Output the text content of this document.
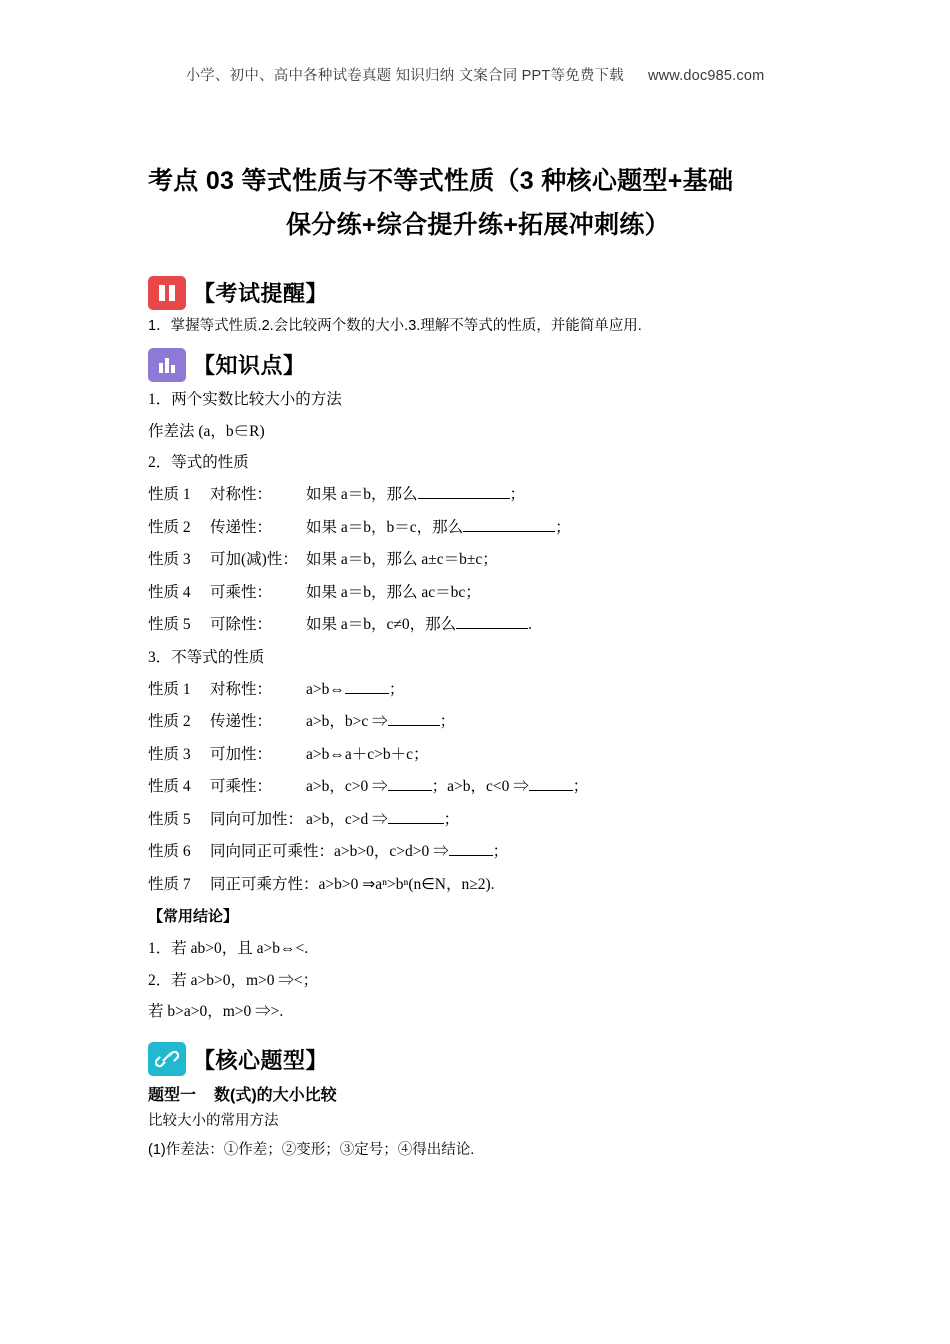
小学、初中、高中各种试卷真题 知识归纳 文案合同 PPT等免费下载 www.doc985.com
考点 03 等式性质与不等式性质（3 种核心题型+基础
保分练+综合提升练+拓展冲刺练）
【考试提醒】

1．掌握等式性质.2.会比较两个数的大小.3.理解不等式的性质，并能简单应用.

【知识点】

1．两个实数比较大小的方法

作差法 (a，b∈R)

2．等式的性质

性质 1 对称性： 如果 a＝b，那么	；

性质 2 传递性： 如果 a＝b，b＝c，那么	；

性质 3 可加(减)性： 如果 a＝b，那么 a±c＝b±c；

性质 4 可乘性： 如果 a＝b，那么 ac＝bc；

性质 5 可除性： 如果 a＝b，c≠0，那么	.

3．不等式的性质

性质 1 对称性： a>b⇔	；

性质 2 传递性： a>b，b>c ⇒	；

性质 3 可加性： a>b⇔a＋c>b＋c；

性质 4 可乘性： a>b，c>0 ⇒	；a>b，c<0 ⇒	；

性质 5 同向可加性： a>b，c>d ⇒	；

性质 6 同向同正可乘性：a>b>0，c>d>0 ⇒	；

性质 7 同正可乘方性：a>b>0 ⇒aⁿ>bⁿ(n∈N，n≥2).

【常用结论】

1．若 ab>0，且 a>b⇔<.

2．若 a>b>0，m>0 ⇒<；

若 b>a>0，m>0 ⇒>.

【核心题型】

题型一 数(式)的大小比较

比较大小的常用方法

(1)作差法：①作差；②变形；③定号；④得出结论.
